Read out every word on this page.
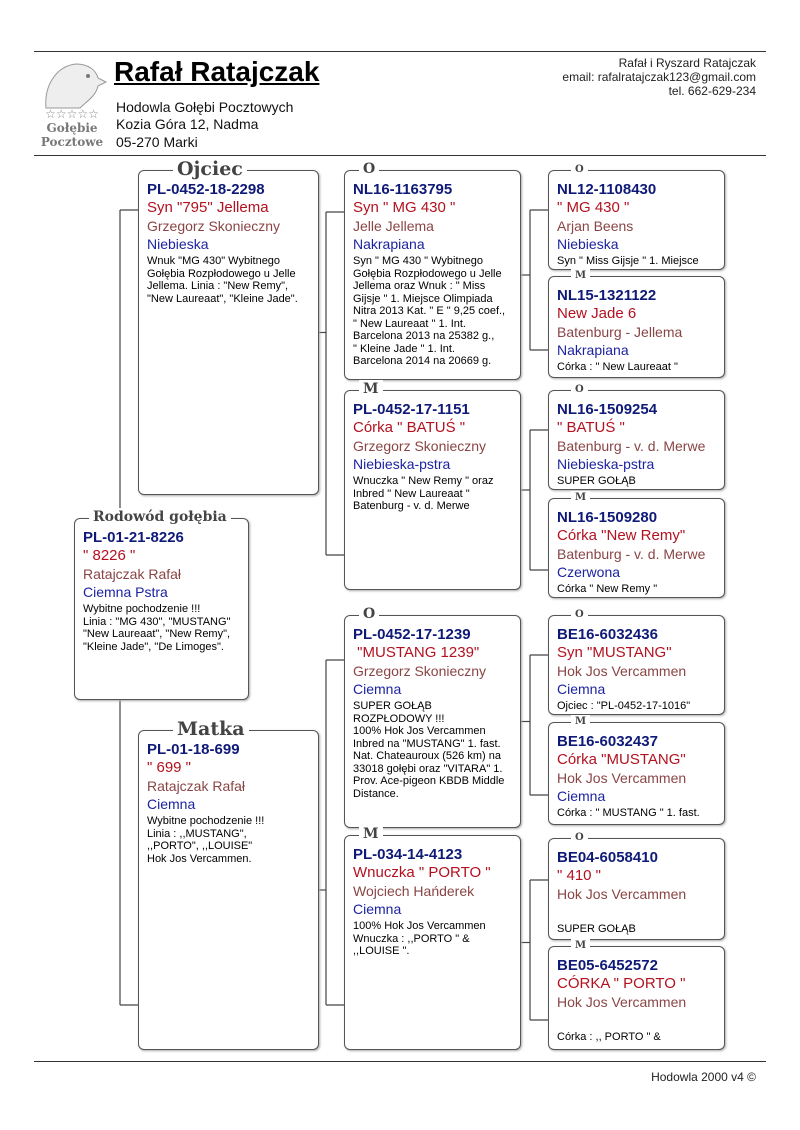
☆☆☆☆☆
Gołębie
Pocztowe
Rafał Ratajczak
Hodowla Gołębi Pocztowych
Kozia Góra 12, Nadma
05-270 Marki
Rafał i Ryszard Ratajczak
email: rafalratajczak123@gmail.com
tel. 662-629-234
Hodowla 2000 v4 ©
Ojciec
PL-0452-18-2298
Syn "795" Jellema
Grzegorz Skonieczny
Niebieska
Wnuk "MG 430" Wybitnego
Gołębia Rozpłodowego u Jelle
Jellema. Linia : "New Remy",
"New Laureaat", "Kleine Jade".
Matka
PL-01-18-699
" 699 "
Ratajczak Rafał
Ciemna
Wybitne pochodzenie !!!
Linia : ,,MUSTANG",
,,PORTO", ,,LOUISE"
Hok Jos Vercammen.
Rodowód gołębia
PL-01-21-8226
" 8226 "
Ratajczak Rafał
Ciemna Pstra
Wybitne pochodzenie !!!
Linia : "MG 430", "MUSTANG"
"New Laureaat", "New Remy",
"Kleine Jade", "De Limoges".
O
NL16-1163795
Syn " MG 430 "
Jelle Jellema
Nakrapiana
Syn " MG 430 " Wybitnego
Gołębia Rozpłodowego u Jelle
Jellema oraz Wnuk : " Miss
Gijsje " 1. Miejsce Olimpiada
Nitra 2013 Kat. " E " 9,25 coef.,
" New Laureaat " 1. Int.
Barcelona 2013 na 25382 g.,
" Kleine Jade " 1. Int.
Barcelona 2014 na 20669 g.
M
PL-0452-17-1151
Córka " BATUŚ "
Grzegorz Skonieczny
Niebieska-pstra
Wnuczka " New Remy " oraz
Inbred " New Laureaat "
Batenburg - v. d. Merwe
O
PL-0452-17-1239
"MUSTANG 1239"
Grzegorz Skonieczny
Ciemna
SUPER GOŁĄB
ROZPŁODOWY !!!
100% Hok Jos Vercammen
Inbred na "MUSTANG" 1. fast.
Nat. Chateauroux (526 km) na
33018 gołębi oraz "VITARA" 1.
Prov. Ace-pigeon KBDB Middle
Distance.
M
PL-034-14-4123
Wnuczka " PORTO "
Wojciech Hańderek
Ciemna
100% Hok Jos Vercammen
Wnuczka : ,,PORTO " &
,,LOUISE ".
O
NL12-1108430
" MG 430 "
Arjan Beens
Niebieska
Syn " Miss Gijsje " 1. Miejsce
M
NL15-1321122
New Jade 6
Batenburg - Jellema
Nakrapiana
Córka : " New Laureaat "
O
NL16-1509254
" BATUŚ "
Batenburg - v. d. Merwe
Niebieska-pstra
SUPER GOŁĄB
M
NL16-1509280
Córka "New Remy"
Batenburg - v. d. Merwe
Czerwona
Córka " New Remy "
O
BE16-6032436
Syn "MUSTANG"
Hok Jos Vercammen
Ciemna
Ojciec : "PL-0452-17-1016"
M
BE16-6032437
Córka "MUSTANG"
Hok Jos Vercammen
Ciemna
Córka : " MUSTANG " 1. fast.
O
BE04-6058410
" 410 "
Hok Jos Vercammen
SUPER GOŁĄB
M
BE05-6452572
CÓRKA " PORTO "
Hok Jos Vercammen
Córka : ,, PORTO " &
